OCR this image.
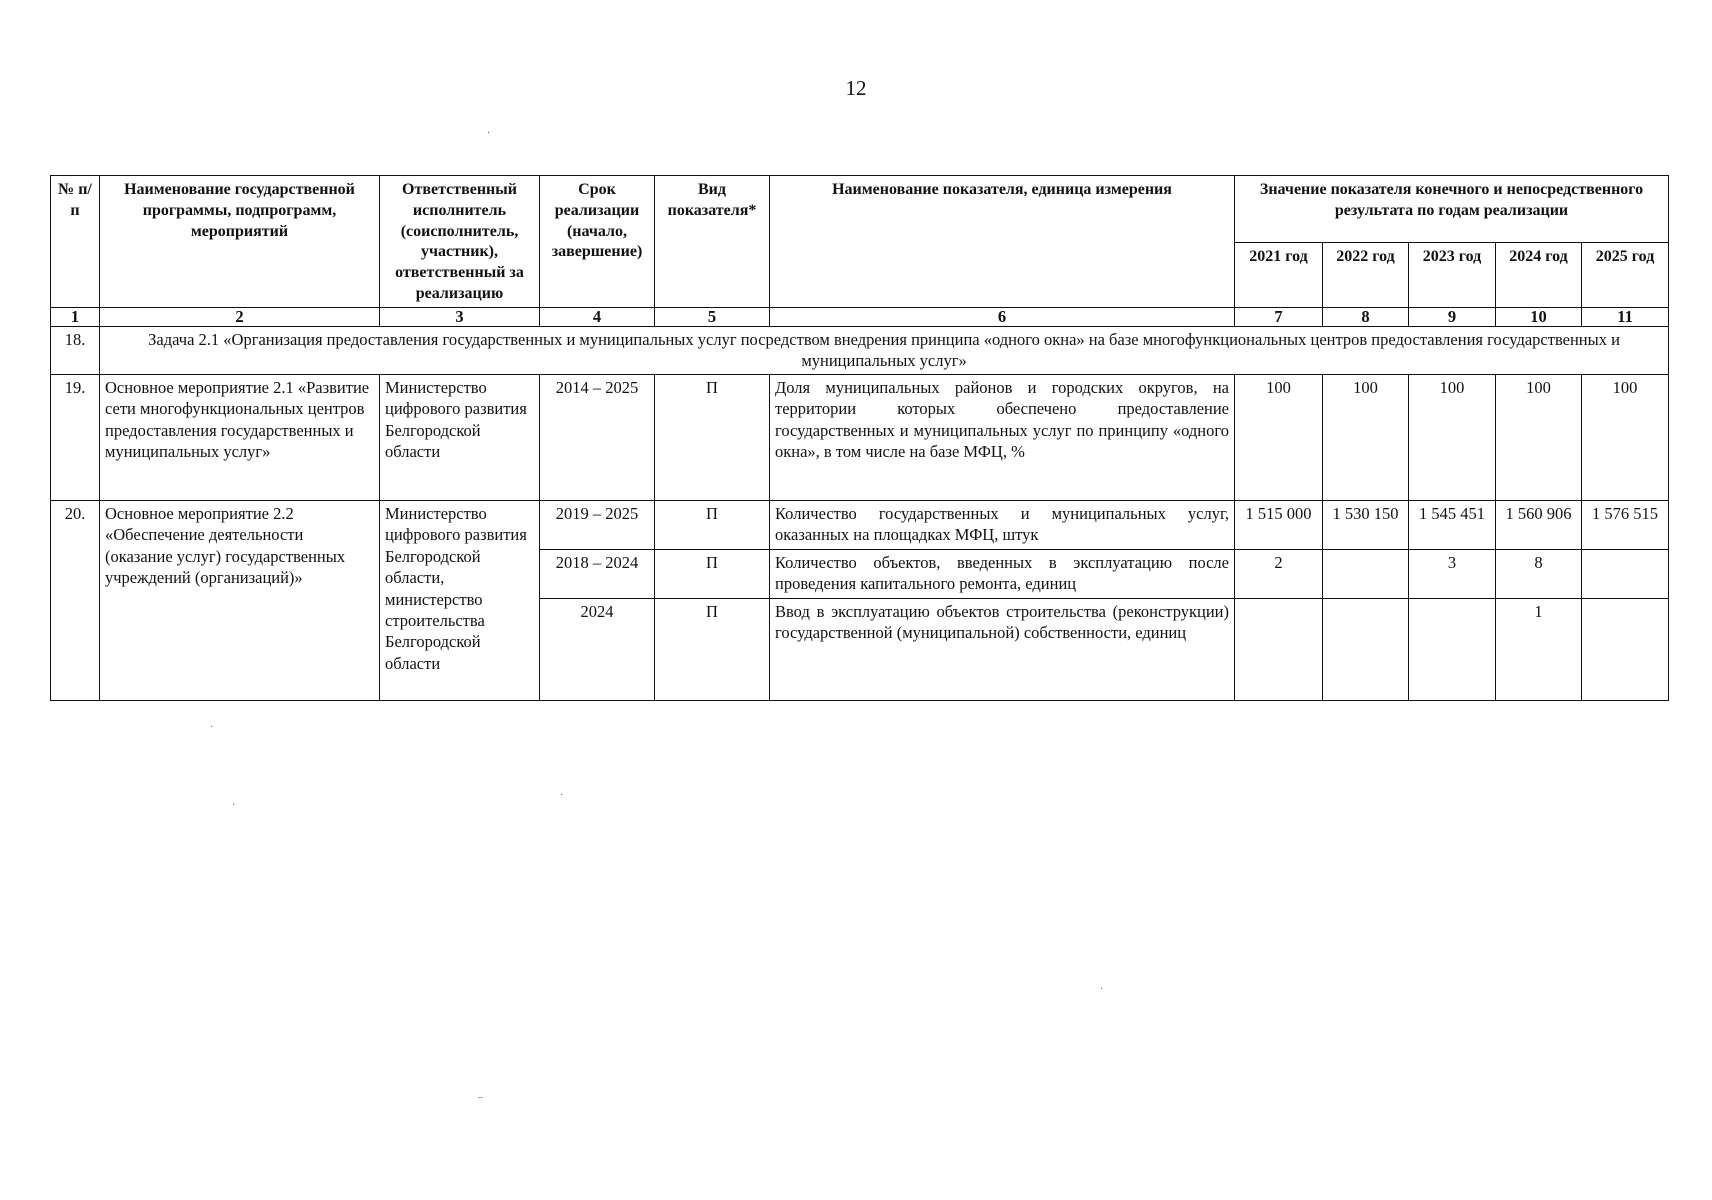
12
№ п/п	Наименование государственной программы, подпрограмм, мероприятий	Ответственный исполнитель (соисполнитель, участник), ответственный за реализацию	Срок реализации (начало, завершение)	Вид показателя*	Наименование показателя, единица измерения	Значение показателя конечного и непосредственного результата по годам реализации				
						2021 год	2022 год	2023 год	2024 год	2025 год
1	2	3	4	5	6	7	8	9	10	11
18.	Задача 2.1 «Организация предоставления государственных и муниципальных услуг посредством внедрения принципа «одного окна» на базе многофункциональных центров предоставления государственных и муниципальных услуг»									
19.	Основное мероприятие 2.1 «Развитие сети многофункциональных центров предоставления государственных и муниципальных услуг»	Министерство цифрового развития Белгородской области	2014 – 2025	П	Доля муниципальных районов и городских округов, на территории которых обеспечено предоставление государственных и муниципальных услуг по принципу «одного окна», в том числе на базе МФЦ, %	100	100	100	100	100
20.	Основное мероприятие 2.2 «Обеспечение деятельности (оказание услуг) государственных учреждений (организаций)»	Министерство цифрового развития Белгородской области, министерство строительства Белгородской области	2019 – 2025	П	Количество государственных и муниципальных услуг, оказанных на площадках МФЦ, штук	1 515 000	1 530 150	1 545 451	1 560 906	1 576 515
			2018 – 2024	П	Количество объектов, введенных в эксплуатацию после проведения капитального ремонта, единиц	2		3	8	
			2024	П	Ввод в эксплуатацию объектов строительства (реконструкции) государственной (муниципальной) собственности, единиц				1	
·
·
·
·
·
–
